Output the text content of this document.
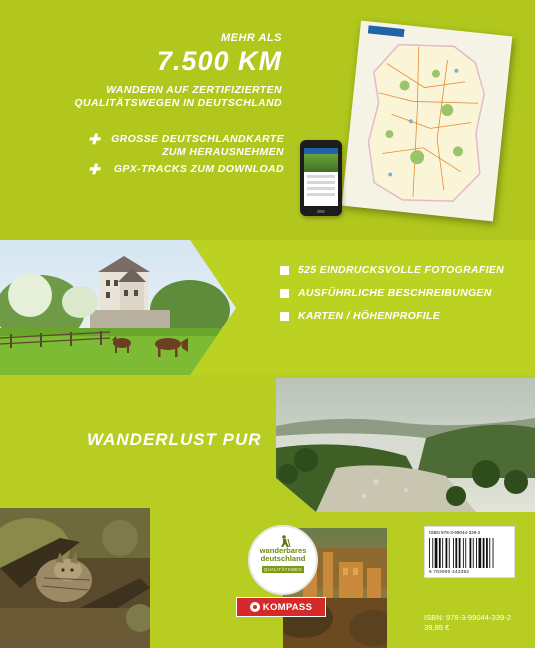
MEHR ALS
7.500 KM
WANDERN AUF ZERTIFIZIERTEN
QUALITÄTSWEGEN IN DEUTSCHLAND
✚	GROSSE DEUTSCHLANDKARTE
ZUM HERAUSNEHMEN
✚	GPX-TRACKS ZUM DOWNLOAD
525 EINDRUCKSVOLLE FOTOGRAFIEN
AUSFÜHRLICHE BESCHREIBUNGEN
KARTEN / HÖHENPROFILE
WANDERLUST PUR
wanderbares
deutschland
QUALITÄTSWEG
KOMPASS
ISBN 978-3-99044-339-2
9 783990 443392
ISBN: 978-3-99044-339-2
39,95 €
